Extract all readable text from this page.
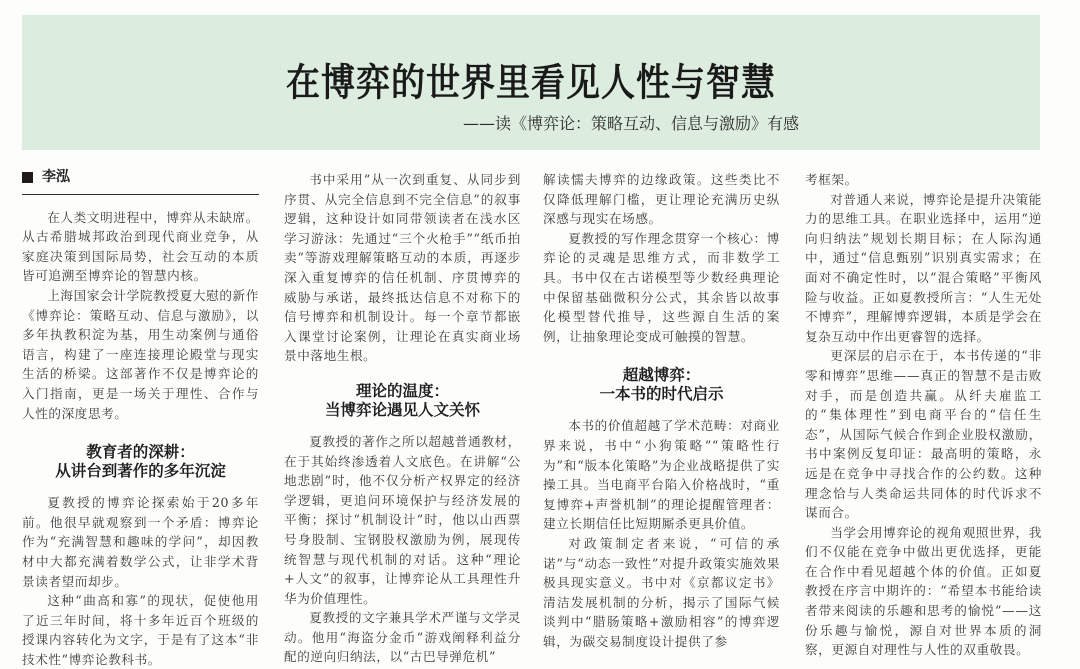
在博弈的世界里看见人性与智慧
——读《博弈论：策略互动、信息与激励》有感
李泓

在人类文明进程中，博弈从未缺席。从古希腊城邦政治到现代商业竞争，从家庭决策到国际局势，社会互动的本质皆可追溯至博弈论的智慧内核。

上海国家会计学院教授夏大慰的新作《博弈论：策略互动、信息与激励》，以多年执教积淀为基，用生动案例与通俗语言，构建了一座连接理论殿堂与现实生活的桥梁。这部著作不仅是博弈论的入门指南，更是一场关于理性、合作与人性的深度思考。

教育者的深耕：
从讲台到著作的多年沉淀

夏教授的博弈论探索始于20多年前。他很早就观察到一个矛盾：博弈论作为“充满智慧和趣味的学问”，却因教材中大都充满着数学公式，让非学术背景读者望而却步。

这种“曲高和寡”的现状，促使他用了近三年时间，将十多年近百个班级的授课内容转化为文字，于是有了这本“非技术性”博弈论教科书。

书中采用“从一次到重复、从同步到序贯、从完全信息到不完全信息”的叙事逻辑，这种设计如同带领读者在浅水区学习游泳：先通过“三个火枪手”“纸币拍卖”等游戏理解策略互动的本质，再逐步深入重复博弈的信任机制、序贯博弈的威胁与承诺，最终抵达信息不对称下的信号博弈和机制设计。每一个章节都嵌入课堂讨论案例，让理论在真实商业场景中落地生根。

理论的温度：
当博弈论遇见人文关怀

夏教授的著作之所以超越普通教材，在于其始终渗透着人文底色。在讲解“公地悲剧”时，他不仅分析产权界定的经济学逻辑，更追问环境保护与经济发展的平衡；探讨“机制设计”时，他以山西票号身股制、宝钢股权激励为例，展现传统智慧与现代机制的对话。这种“理论+人文”的叙事，让博弈论从工具理性升华为价值理性。

夏教授的文字兼具学术严谨与文学灵动。他用“海盗分金币”游戏阐释利益分配的逆向归纳法，以“古巴导弹危机”

解读懦夫博弈的边缘政策。这些类比不仅降低理解门槛，更让理论充满历史纵深感与现实在场感。

夏教授的写作理念贯穿一个核心：博弈论的灵魂是思维方式，而非数学工具。书中仅在古诺模型等少数经典理论中保留基础微积分公式，其余皆以故事化模型替代推导，这些源自生活的案例，让抽象理论变成可触摸的智慧。

超越博弈：
一本书的时代启示

本书的价值超越了学术范畴：对商业界来说，书中“小狗策略”“策略性行为”和“版本化策略”为企业战略提供了实操工具。当电商平台陷入价格战时，“重复博弈+声誉机制”的理论提醒管理者：建立长期信任比短期厮杀更具价值。

对政策制定者来说，“可信的承诺”与“动态一致性”对提升政策实施效果极具现实意义。书中对《京都议定书》清洁发展机制的分析，揭示了国际气候谈判中“腊肠策略+激励相容”的博弈逻辑，为碳交易制度设计提供了参

考框架。

对普通人来说，博弈论是提升决策能力的思维工具。在职业选择中，运用“逆向归纳法”规划长期目标；在人际沟通中，通过“信息甄别”识别真实需求；在面对不确定性时，以“混合策略”平衡风险与收益。正如夏教授所言：“人生无处不博弈”，理解博弈逻辑，本质是学会在复杂互动中作出更睿智的选择。

更深层的启示在于，本书传递的“非零和博弈”思维——真正的智慧不是击败对手，而是创造共赢。从纤夫雇监工的“集体理性”到电商平台的“信任生态”，从国际气候合作到企业股权激励，书中案例反复印证：最高明的策略，永远是在竞争中寻找合作的公约数。这种理念恰与人类命运共同体的时代诉求不谋而合。

当学会用博弈论的视角观照世界，我们不仅能在竞争中做出更优选择，更能在合作中看见超越个体的价值。正如夏教授在序言中期许的：“希望本书能给读者带来阅读的乐趣和思考的愉悦”——这份乐趣与愉悦，源自对世界本质的洞察，更源自对理性与人性的双重敬畏。
